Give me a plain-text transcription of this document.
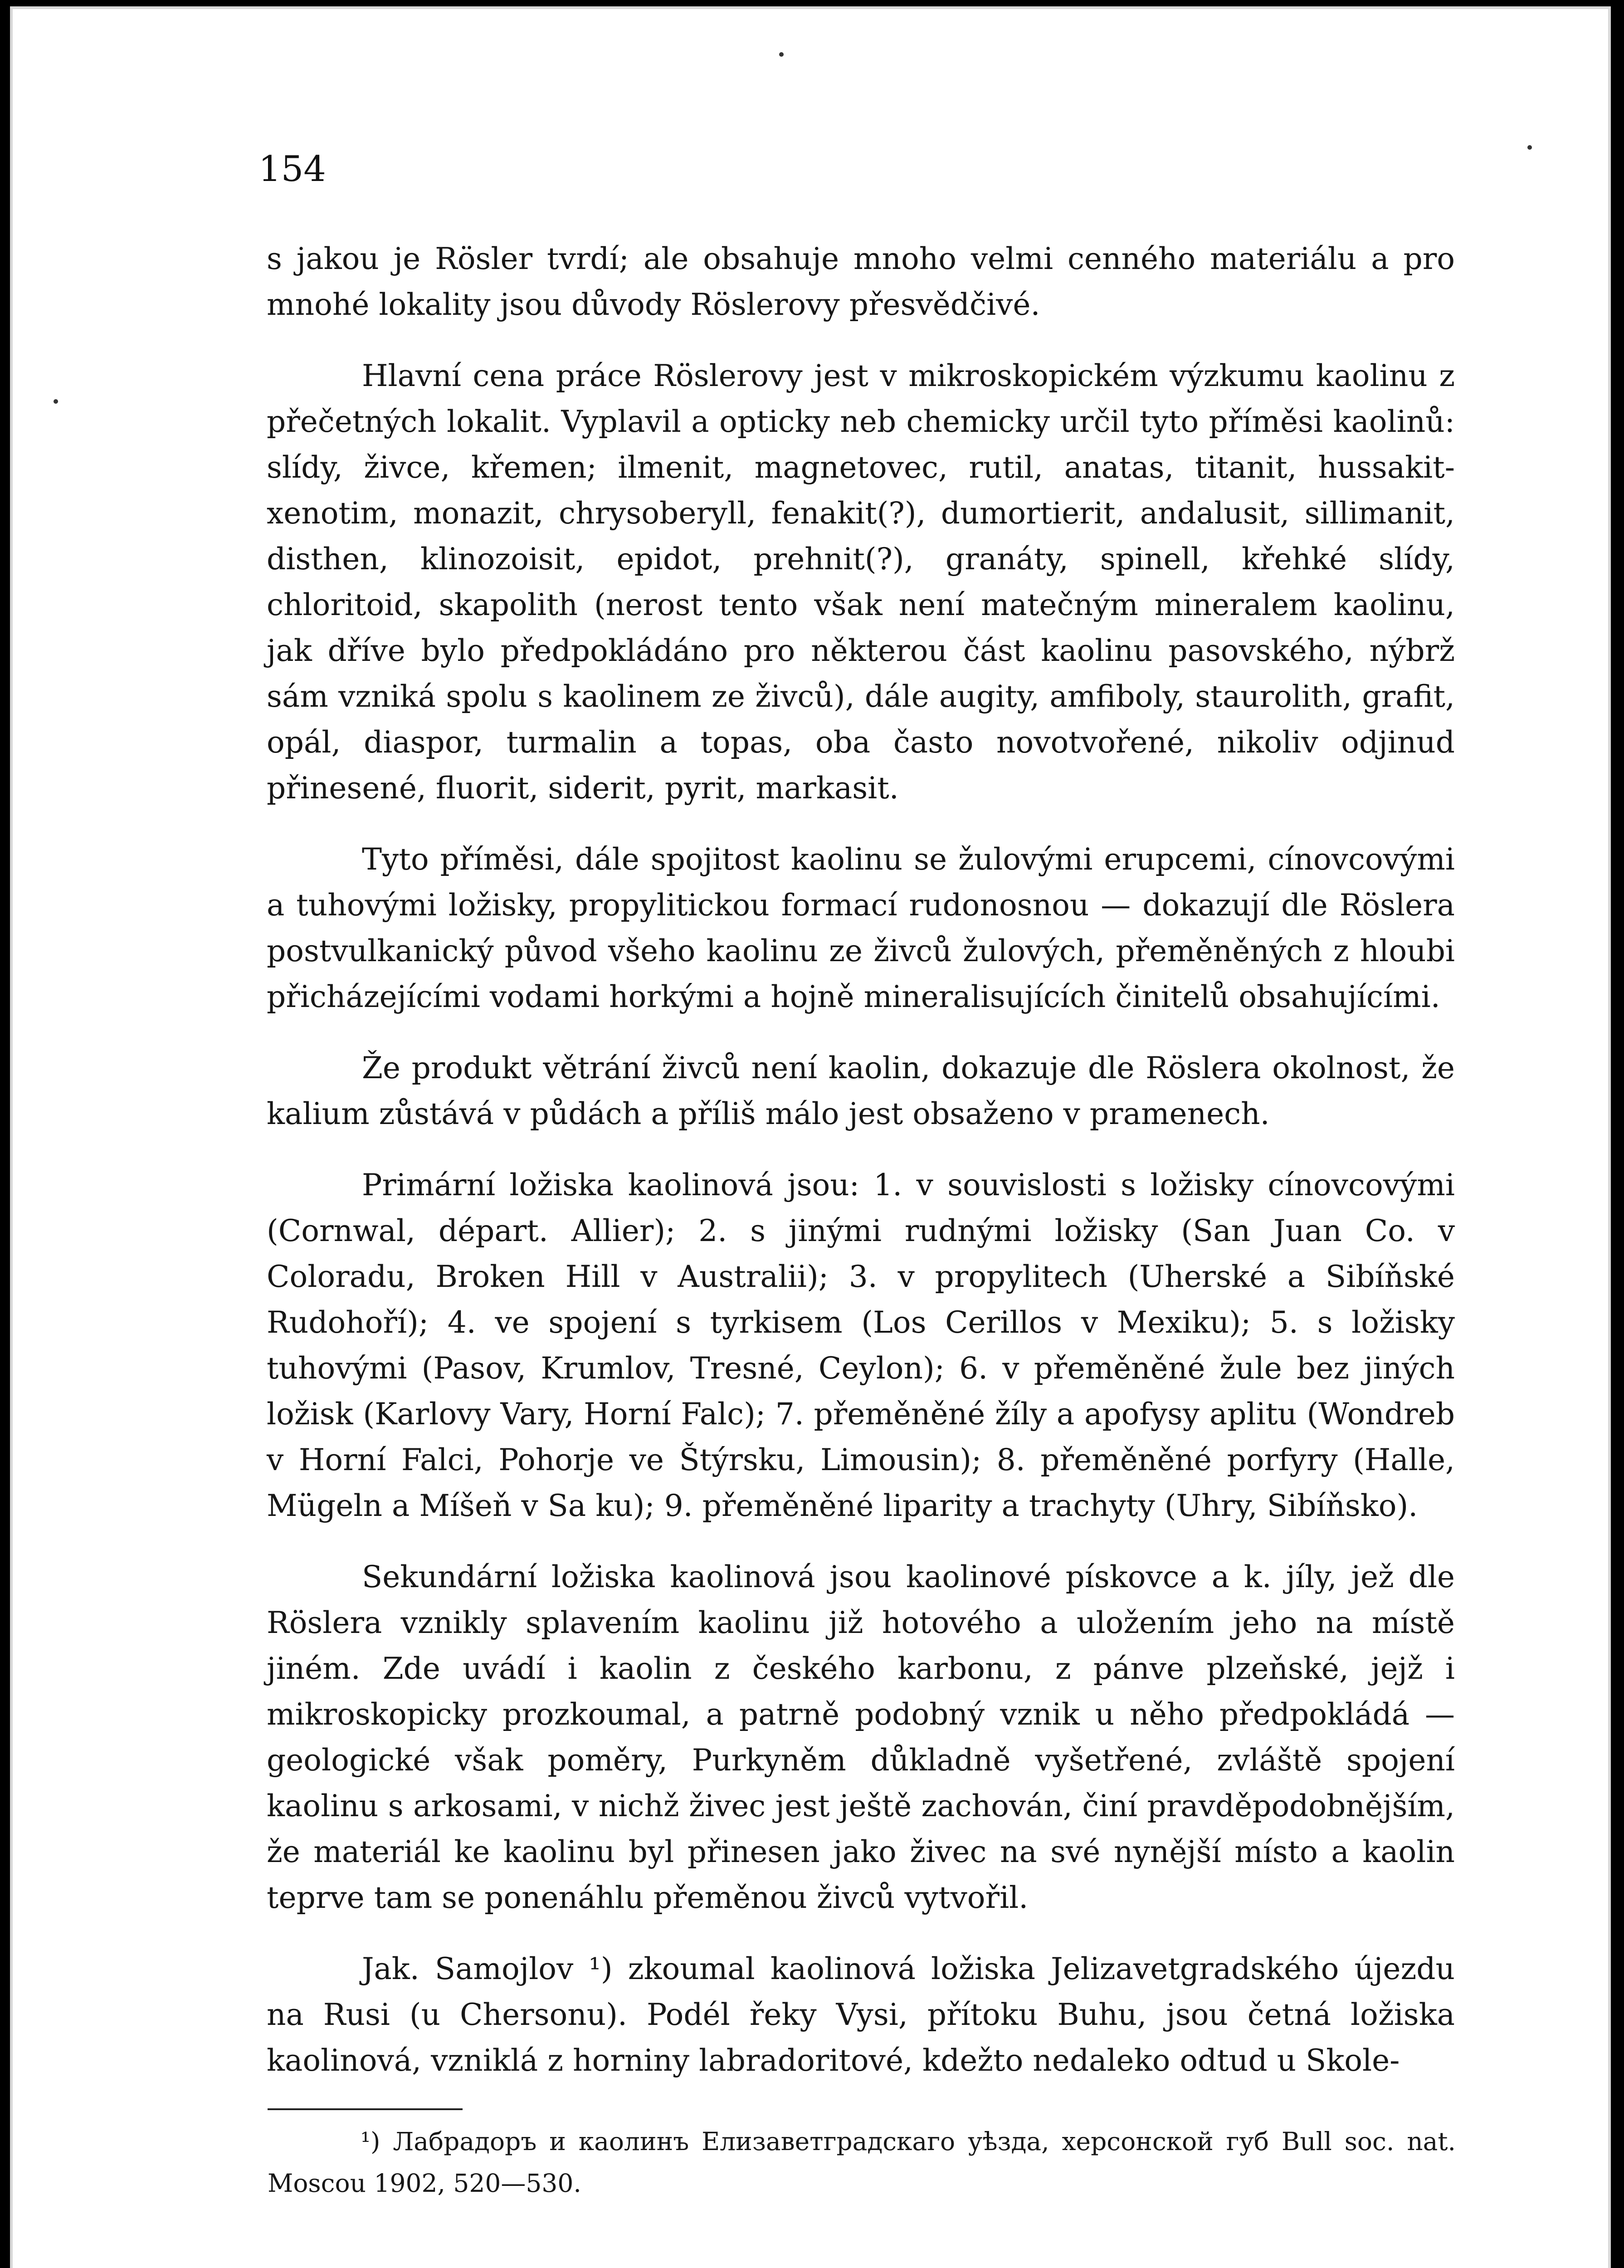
154

s jakou je Rösler tvrdí; ale obsahuje mnoho velmi cenného materiálu a pro mnohé lokality jsou důvody Röslerovy přesvědčivé.

Hlavní cena práce Röslerovy jest v mikroskopickém výzkumu kaolinu z přečetných lokalit. Vyplavil a opticky neb chemicky určil tyto příměsi kaolinů: slídy, živce, křemen; ilmenit, magnetovec, rutil, anatas, titanit, hussakit-xenotim, monazit, chrysoberyll, fenakit(?), dumortierit, andalusit, sillimanit, disthen, klinozoisit, epidot, prehnit(?), granáty, spinell, křehké slídy, chloritoid, skapolith (nerost tento však není matečným mineralem kaolinu, jak dříve bylo předpokládáno pro některou část kaolinu pasovského, nýbrž sám vzniká spolu s kaolinem ze živců), dále augity, amfiboly, staurolith, grafit, opál, diaspor, turmalin a topas, oba často novotvořené, nikoliv odjinud přinesené, fluorit, siderit, pyrit, markasit.

Tyto příměsi, dále spojitost kaolinu se žulovými erupcemi, cínovcovými a tuhovými ložisky, propylitickou formací rudonosnou — dokazují dle Röslera postvulkanický původ všeho kaolinu ze živců žulových, přeměněných z hloubi přicházejícími vodami horkými a hojně mineralisujících činitelů obsahujícími.

Že produkt větrání živců není kaolin, dokazuje dle Röslera okolnost, že kalium zůstává v půdách a příliš málo jest obsaženo v pramenech.

Primární ložiska kaolinová jsou: 1. v souvislosti s ložisky cínovcovými (Cornwal, départ. Allier); 2. s jinými rudnými ložisky (San Juan Co. v Coloradu, Broken Hill v Australii); 3. v propylitech (Uherské a Sibíňské Rudohoří); 4. ve spojení s tyrkisem (Los Cerillos v Mexiku); 5. s ložisky tuhovými (Pasov, Krumlov, Tresné, Ceylon); 6. v přeměněné žule bez jiných ložisk (Karlovy Vary, Horní Falc); 7. přeměněné žíly a apofysy aplitu (Wondreb v Horní Falci, Pohorje ve Štýrsku, Limousin); 8. přeměněné porfyry (Halle, Mügeln a Míšeň v Sa ku); 9. přeměněné liparity a trachyty (Uhry, Sibíňsko).

Sekundární ložiska kaolinová jsou kaolinové pískovce a k. jíly, jež dle Röslera vznikly splavením kaolinu již hotového a uložením jeho na místě jiném. Zde uvádí i kaolin z českého karbonu, z pánve plzeňské, jejž i mikroskopicky prozkoumal, a patrně podobný vznik u něho předpokládá — geologické však poměry, Purkyněm důkladně vyšetřené, zvláště spojení kaolinu s arkosami, v nichž živec jest ještě zachován, činí pravděpodobnějším, že materiál ke kaolinu byl přinesen jako živec na své nynější místo a kaolin teprve tam se ponenáhlu přeměnou živců vytvořil.

Jak. Samojlov ¹) zkoumal kaolinová ložiska Jelizavetgradského újezdu na Rusi (u Chersonu). Podél řeky Vysi, přítoku Buhu, jsou četná ložiska kaolinová, vzniklá z horniny labradoritové, kdežto nedaleko odtud u Skole-

¹) Лабрадоръ и каолинъ Елизаветградскаго уѣзда, херсонской губ Bull soc. nat. Moscou 1902, 520—530.
